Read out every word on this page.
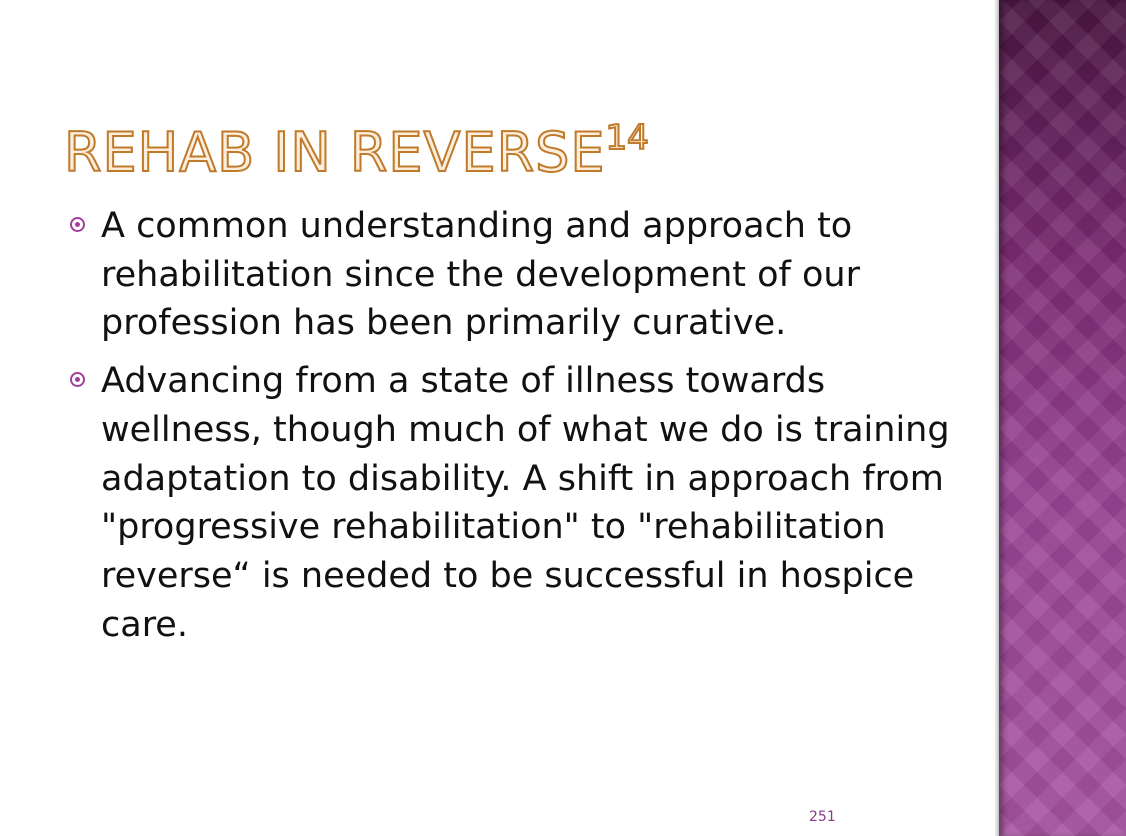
REHAB IN REVERSE$^{14}$
A common understanding and approach to rehabilitation since the development of our profession has been primarily curative.
Advancing from a state of illness towards wellness, though much of what we do is training adaptation to disability. A shift in approach from "progressive rehabilitation" to "rehabilitation reverse“ is needed to be successful in hospice care.
251
